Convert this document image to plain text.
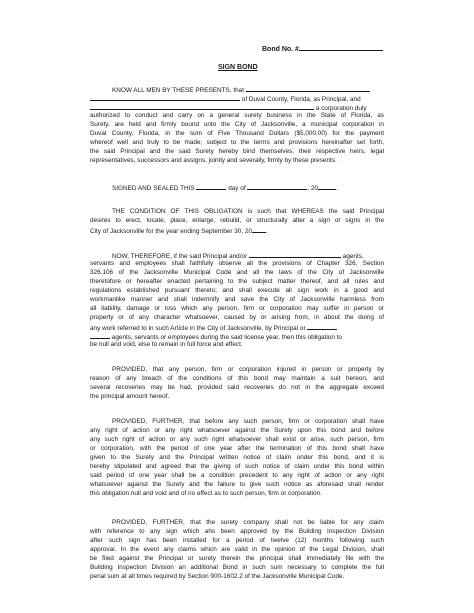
Bond No. #
SIGN BOND
KNOW ALL MEN BY THESE PRESENTS, that
of Duval County, Florida, as Principal, and
a corporation duly
authorized to conduct and carry on a general surety business in the State of Florida, as
Surety, are held and firmly bound unto the City of Jacksonville, a municipal corporation in
Duval County, Florida, in the sum of Five Thousand Dollars ($5,000.00) for the payment
whereof well and truly to be made; subject to the terms and provisions hereinafter set forth,
the said Principal and the said Surety hereby bind themselves, their respective heirs, legal
representatives, successors and assigns, jointly and severally, firmly by these presents.
SIGNED AND SEALED THIS	day of	, 20	.
THE CONDITION OF THIS OBLIGATION is such that WHEREAS the said Principal
desires to erect, locate, place, enlarge, rebuild, or structurally alter a sign or signs in the
City of Jacksonville for the year ending September 30, 20 .
NOW, THEREFORE, if the said Principal and/or	agents,
servants and employees shall faithfully observe all the provisions of Chapter 326, Section
326.106 of the Jacksonville Municipal Code and all the laws of the City of Jacksonville
theretofore or hereafter enacted pertaining to the subject matter thereof, and all rules and
regulations established pursuant thereto; and shall execute all sign work in a good and
workmanlike manner and shall indemnify and save the City of Jacksonville harmless from
all liability, damage or loss which any person, firm or corporation may suffer in person or
property or of any character whatsoever, caused by or arising from, in about the doing of
any work referred to in such Article in the City of Jacksonville, by Principal or
agents, servants or employees during the said license year, then this obligation to
be null and void, else to remain in full force and effect.
PROVIDED, that any person, firm or corporation injured in person or property by
reason of any breach of the conditions of this bond may maintain a suit hereon, and
several recoveries may be had, provided said recoveries do not in the aggregate exceed
the principal amount hereof.
PROVIDED, FURTHER, that before any such person, firm or corporation shall have
any right of action or any right whatsoever against the Surety upon this bond and before
any such right of action or any such right whatsoever shall exist or arise, such person, firm
or corporation, with the period of one year after the termination of this bond shall have
given to the Surety and the Principal written notice of claim under this bond, and it is
hereby stipulated and agreed that the giving of such notice of claim under this bond within
said period of one year shall be a condition precedent to any right of action or any right
whatsoever against the Surety and the failure to give such notice as aforesaid shall render
this obligation null and void and of no effect as to such person, firm or corporation.
PROVIDED, FURTHER, that the surety company shall not be liable for any claim
with reference to any sign which ahs been approved by the Building Inspection Division
after such sign has been installed for a period of twelve (12) months following such
approval. In the event any claims which are valid in the opinion of the Legal Division, shall
be filed against the Principal or surety therein the principal shall immediately file with the
Building Inspection Division an additional Bond in such sum necessary to complete the full
penal sum at all times required by Section 900-1602.2 of the Jacksonville Municipal Code.
